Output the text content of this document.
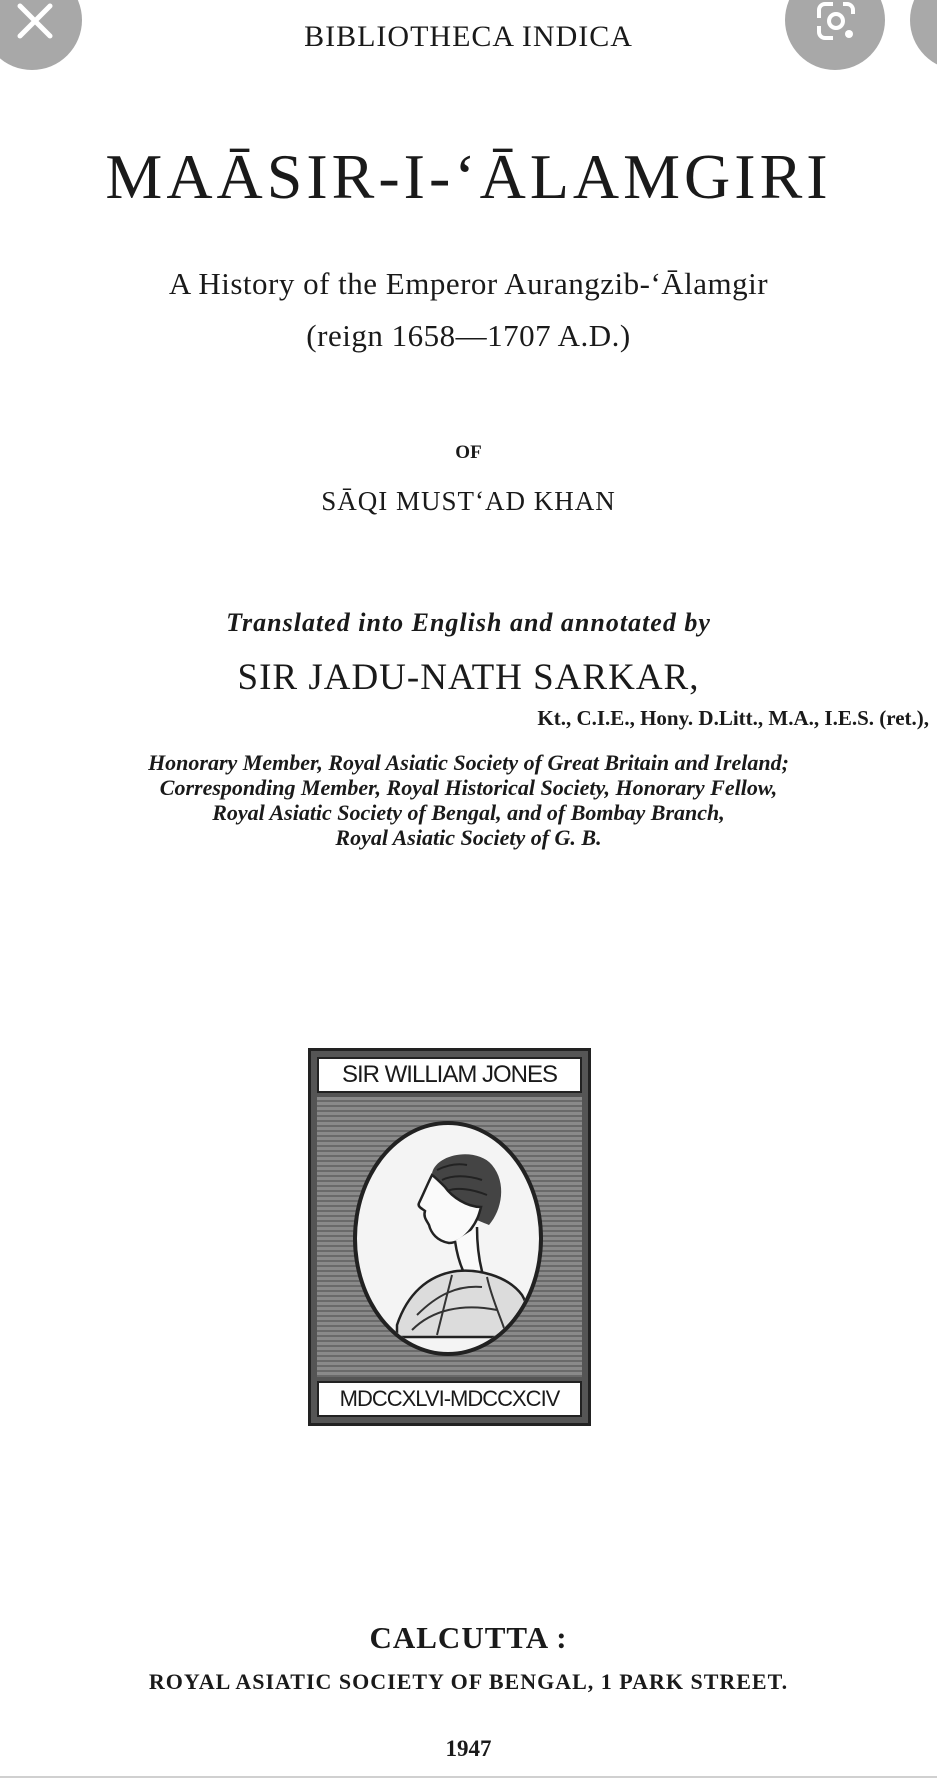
BIBLIOTHECA INDICA
MAĀSIR-I-‘ĀLAMGIRI
A History of the Emperor Aurangzib-‘Ālamgir
(reign 1658—1707 A.D.)
OF
SĀQI MUST‘AD KHAN
Translated into English and annotated by
SIR JADU-NATH SARKAR,
Kt., C.I.E., Hony. D.Litt., M.A., I.E.S. (ret.),
Honorary Member, Royal Asiatic Society of Great Britain and Ireland;
Corresponding Member, Royal Historical Society, Honorary Fellow,
Royal Asiatic Society of Bengal, and of Bombay Branch,
Royal Asiatic Society of G. B.
SIR WILLIAM JONES
MDCCXLVI-MDCCXCIV
CALCUTTA :
ROYAL ASIATIC SOCIETY OF BENGAL, 1 PARK STREET.
1947
